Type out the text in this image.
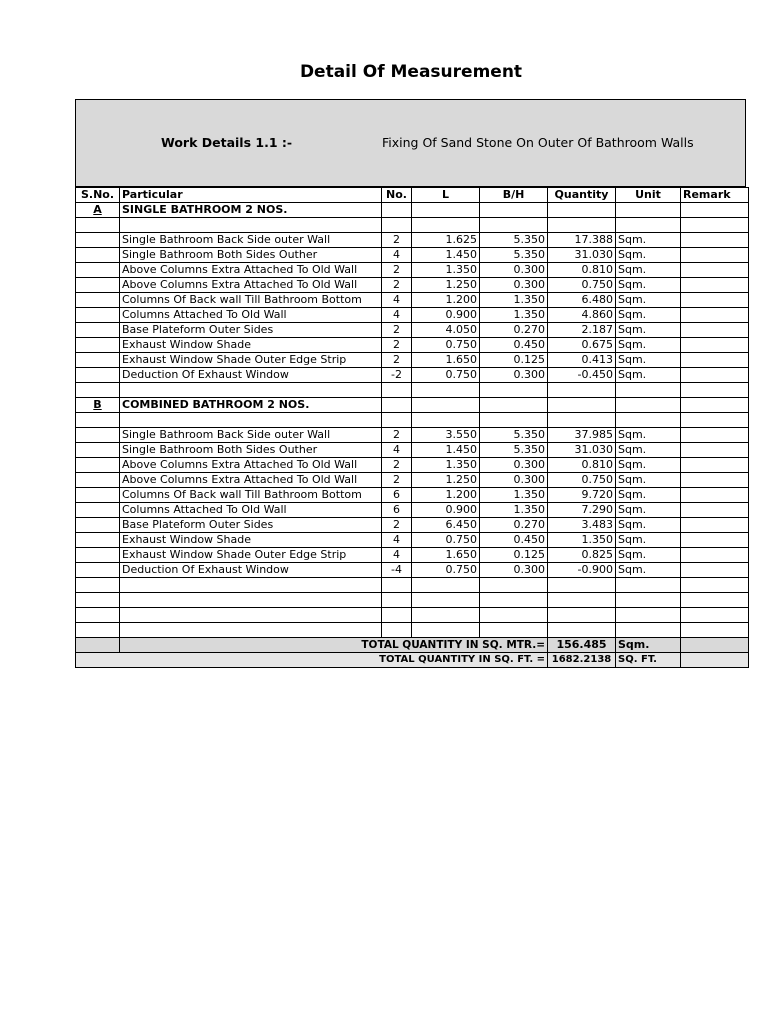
Detail Of Measurement
Work Details 1.1 :-	Fixing Of Sand Stone On Outer Of Bathroom Walls
S.No.	Particular	No.	L	B/H	Quantity	Unit	Remark
A	SINGLE BATHROOM 2 NOS.						

	Single Bathroom Back Side outer Wall	2	1.625	5.350	17.388	Sqm.	
	Single Bathroom Both Sides Outher	4	1.450	5.350	31.030	Sqm.	
	Above Columns Extra Attached To Old Wall	2	1.350	0.300	0.810	Sqm.	
	Above Columns Extra Attached To Old Wall	2	1.250	0.300	0.750	Sqm.	
	Columns Of Back wall Till Bathroom Bottom	4	1.200	1.350	6.480	Sqm.	
	Columns Attached To Old Wall	4	0.900	1.350	4.860	Sqm.	
	Base Plateform Outer Sides	2	4.050	0.270	2.187	Sqm.	
	Exhaust Window Shade	2	0.750	0.450	0.675	Sqm.	
	Exhaust Window Shade Outer Edge Strip	2	1.650	0.125	0.413	Sqm.	
	Deduction Of Exhaust Window	-2	0.750	0.300	-0.450	Sqm.	

B	COMBINED BATHROOM 2 NOS.						

	Single Bathroom Back Side outer Wall	2	3.550	5.350	37.985	Sqm.	
	Single Bathroom Both Sides Outher	4	1.450	5.350	31.030	Sqm.	
	Above Columns Extra Attached To Old Wall	2	1.350	0.300	0.810	Sqm.	
	Above Columns Extra Attached To Old Wall	2	1.250	0.300	0.750	Sqm.	
	Columns Of Back wall Till Bathroom Bottom	6	1.200	1.350	9.720	Sqm.	
	Columns Attached To Old Wall	6	0.900	1.350	7.290	Sqm.	
	Base Plateform Outer Sides	2	6.450	0.270	3.483	Sqm.	
	Exhaust Window Shade	4	0.750	0.450	1.350	Sqm.	
	Exhaust Window Shade Outer Edge Strip	4	1.650	0.125	0.825	Sqm.	
	Deduction Of Exhaust Window	-4	0.750	0.300	-0.900	Sqm.	

	TOTAL QUANTITY IN SQ. MTR.=				156.485	Sqm.	
TOTAL QUANTITY IN SQ. FT. =					1682.2138	SQ. FT.	
